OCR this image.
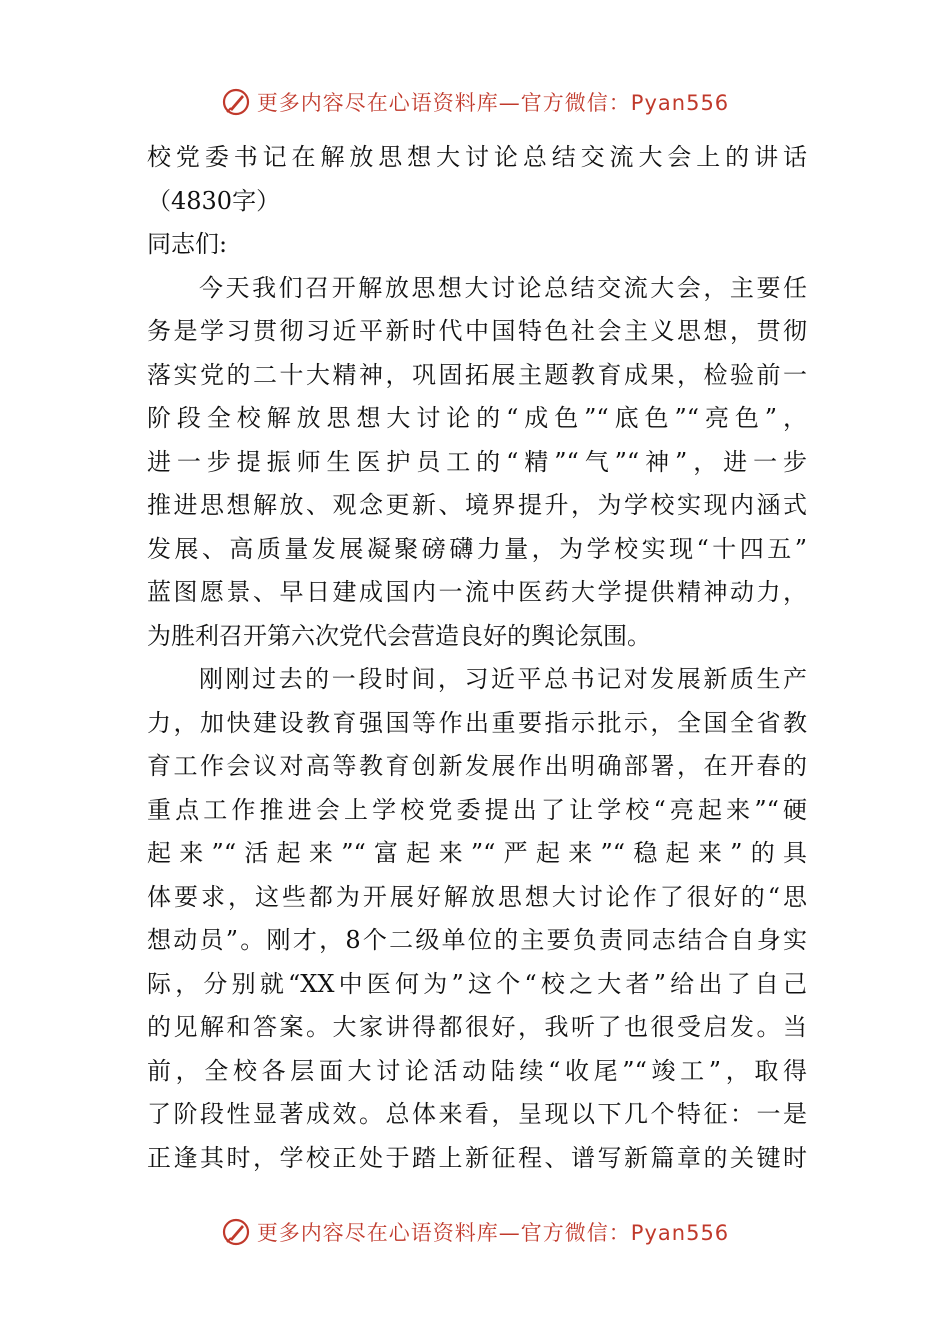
更多内容尽在心语资料库—官方微信：Pyan556
校党委书记在解放思想大讨论总结交流大会上的讲话
（4830字）
同志们:
今天我们召开解放思想大讨论总结交流大会，主要任
务是学习贯彻习近平新时代中国特色社会主义思想，贯彻
落实党的二十大精神，巩固拓展主题教育成果，检验前一
阶段全校解放思想大讨论的“成色”“底色”“亮色”，
进一步提振师生医护员工的“精”“气”“神”，进一步
推进思想解放、观念更新、境界提升，为学校实现内涵式
发展、高质量发展凝聚磅礴力量，为学校实现“十四五”
蓝图愿景、早日建成国内一流中医药大学提供精神动力，
为胜利召开第六次党代会营造良好的舆论氛围。
刚刚过去的一段时间，习近平总书记对发展新质生产
力，加快建设教育强国等作出重要指示批示，全国全省教
育工作会议对高等教育创新发展作出明确部署，在开春的
重点工作推进会上学校党委提出了让学校“亮起来”“硬
起来”“活起来”“富起来”“严起来”“稳起来”的具
体要求，这些都为开展好解放思想大讨论作了很好的“思
想动员”。刚才，8个二级单位的主要负责同志结合自身实
际，分别就“XX中医何为”这个“校之大者”给出了自己
的见解和答案。大家讲得都很好，我听了也很受启发。当
前，全校各层面大讨论活动陆续“收尾”“竣工”，取得
了阶段性显著成效。总体来看，呈现以下几个特征：一是
正逢其时，学校正处于踏上新征程、谱写新篇章的关键时
更多内容尽在心语资料库—官方微信：Pyan556
